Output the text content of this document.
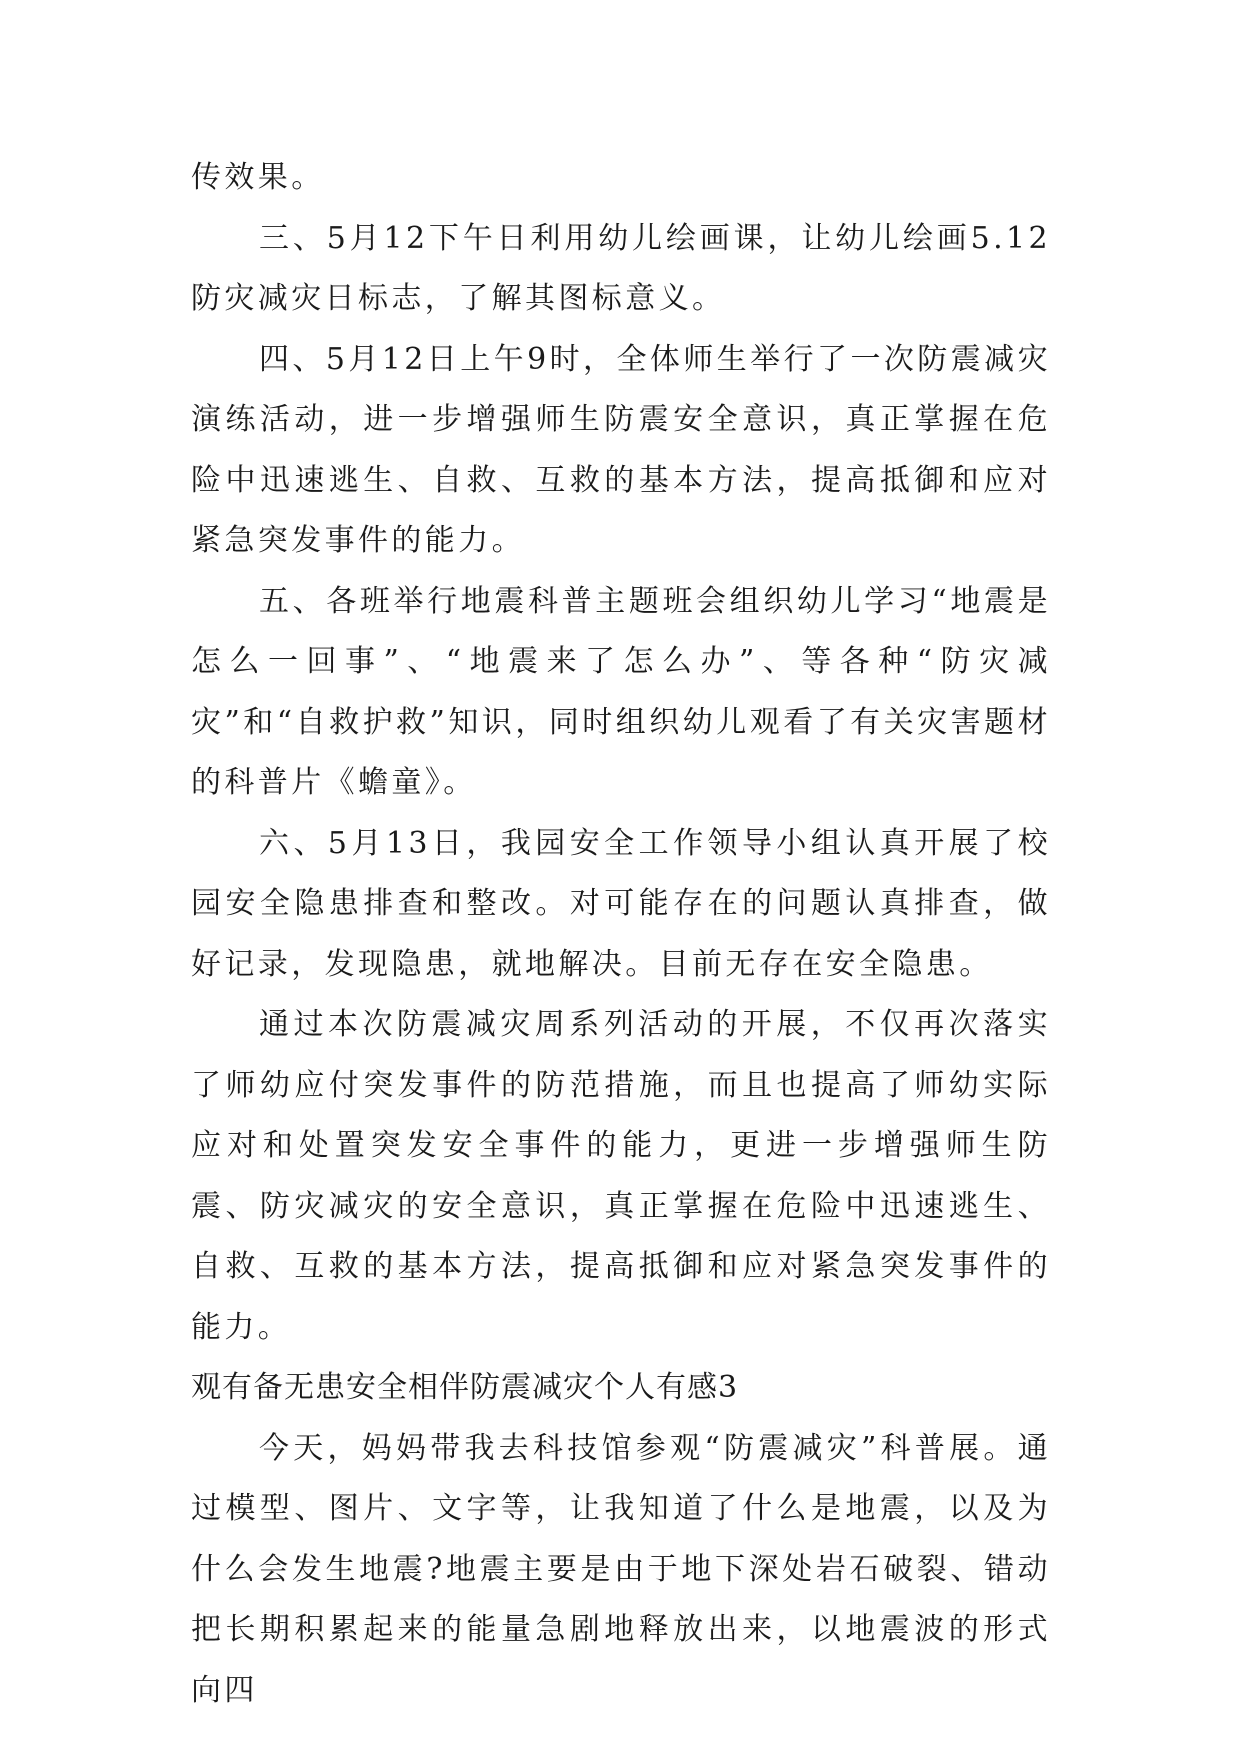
传效果。

三、5月12下午日利用幼儿绘画课，让幼儿绘画5.12防灾减灾日标志，了解其图标意义。

四、5月12日上午9时，全体师生举行了一次防震减灾演练活动，进一步增强师生防震安全意识，真正掌握在危险中迅速逃生、自救、互救的基本方法，提高抵御和应对紧急突发事件的能力。

五、各班举行地震科普主题班会组织幼儿学习“地震是怎么一回事”、“地震来了怎么办”、等各种“防灾减灾”和“自救护救”知识，同时组织幼儿观看了有关灾害题材的科普片《蟾童》。

六、5月13日，我园安全工作领导小组认真开展了校园安全隐患排查和整改。对可能存在的问题认真排查，做好记录，发现隐患，就地解决。目前无存在安全隐患。

通过本次防震减灾周系列活动的开展，不仅再次落实了师幼应付突发事件的防范措施，而且也提高了师幼实际应对和处置突发安全事件的能力，更进一步增强师生防震、防灾减灾的安全意识，真正掌握在危险中迅速逃生、自救、互救的基本方法，提高抵御和应对紧急突发事件的能力。

观有备无患安全相伴防震减灾个人有感3

今天，妈妈带我去科技馆参观“防震减灾”科普展。通过模型、图片、文字等，让我知道了什么是地震，以及为什么会发生地震?地震主要是由于地下深处岩石破裂、错动把长期积累起来的能量急剧地释放出来，以地震波的形式向四
